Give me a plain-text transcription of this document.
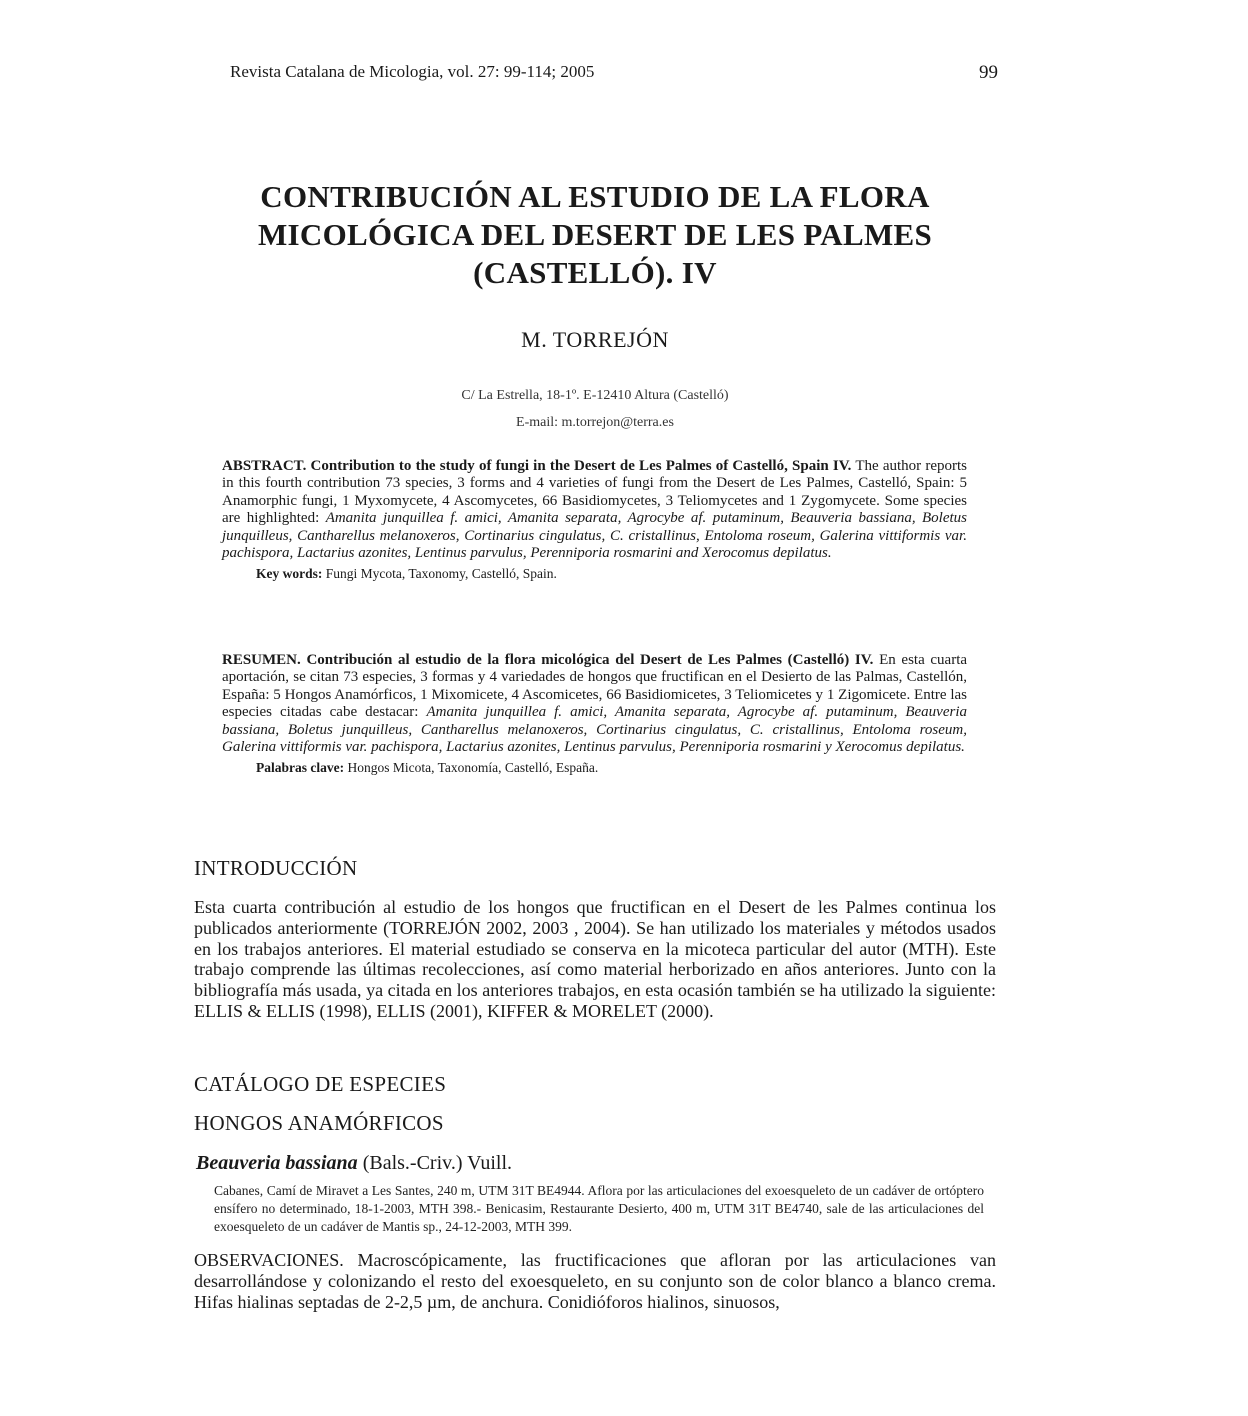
Revista Catalana de Micologia, vol. 27: 99-114; 2005	99
CONTRIBUCIÓN AL ESTUDIO DE LA FLORA
MICOLÓGICA DEL DESERT DE LES PALMES
(CASTELLÓ). IV
M. TORREJÓN
C/ La Estrella, 18-1º. E-12410 Altura (Castelló)
E-mail: m.torrejon@terra.es
ABSTRACT. Contribution to the study of fungi in the Desert de Les Palmes of Castelló, Spain IV. The author reports in this fourth contribution 73 species, 3 forms and 4 varieties of fungi from the Desert de Les Palmes, Castelló, Spain: 5 Anamorphic fungi, 1 Myxomycete, 4 Ascomycetes, 66 Basidiomycetes, 3 Teliomycetes and 1 Zygomycete. Some species are highlighted: Amanita junquillea f. amici, Amanita separata, Agrocybe af. putaminum, Beauveria bassiana, Boletus junquilleus, Cantharellus melanoxeros, Cortinarius cingulatus, C. cristallinus, Entoloma roseum, Galerina vittiformis var. pachispora, Lactarius azonites, Lentinus parvulus, Perenniporia rosmarini and Xerocomus depilatus.
Key words: Fungi Mycota, Taxonomy, Castelló, Spain.
RESUMEN. Contribución al estudio de la flora micológica del Desert de Les Palmes (Castelló) IV. En esta cuarta aportación, se citan 73 especies, 3 formas y 4 variedades de hongos que fructifican en el Desierto de las Palmas, Castellón, España: 5 Hongos Anamórficos, 1 Mixomicete, 4 Ascomicetes, 66 Basidiomicetes, 3 Teliomicetes y 1 Zigomicete. Entre las especies citadas cabe destacar: Amanita junquillea f. amici, Amanita separata, Agrocybe af. putaminum, Beauveria bassiana, Boletus junquilleus, Cantharellus melanoxeros, Cortinarius cingulatus, C. cristallinus, Entoloma roseum, Galerina vittiformis var. pachispora, Lactarius azonites, Lentinus parvulus, Perenniporia rosmarini y Xerocomus depilatus.
Palabras clave: Hongos Micota, Taxonomía, Castelló, España.
INTRODUCCIÓN
Esta cuarta contribución al estudio de los hongos que fructifican en el Desert de les Palmes continua los publicados anteriormente (TORREJÓN 2002, 2003 , 2004). Se han utilizado los materiales y métodos usados en los trabajos anteriores. El material estudiado se conserva en la micoteca particular del autor (MTH). Este trabajo comprende las últimas recolecciones, así como material herborizado en años anteriores. Junto con la bibliografía más usada, ya citada en los anteriores trabajos, en esta ocasión también se ha utilizado la siguiente: ELLIS & ELLIS (1998), ELLIS (2001), KIFFER & MORELET (2000).
CATÁLOGO DE ESPECIES
HONGOS ANAMÓRFICOS
Beauveria bassiana (Bals.-Criv.) Vuill.
Cabanes, Camí de Miravet a Les Santes, 240 m, UTM 31T BE4944. Aflora por las articulaciones del exoesqueleto de un cadáver de ortóptero ensífero no determinado, 18-1-2003, MTH 398.- Benicasim, Restaurante Desierto, 400 m, UTM 31T BE4740, sale de las articulaciones del exoesqueleto de un cadáver de Mantis sp., 24-12-2003, MTH 399.
OBSERVACIONES. Macroscópicamente, las fructificaciones que afloran por las articulaciones van desarrollándose y colonizando el resto del exoesqueleto, en su conjunto son de color blanco a blanco crema. Hifas hialinas septadas de 2-2,5 µm, de anchura. Conidióforos hialinos, sinuosos,
